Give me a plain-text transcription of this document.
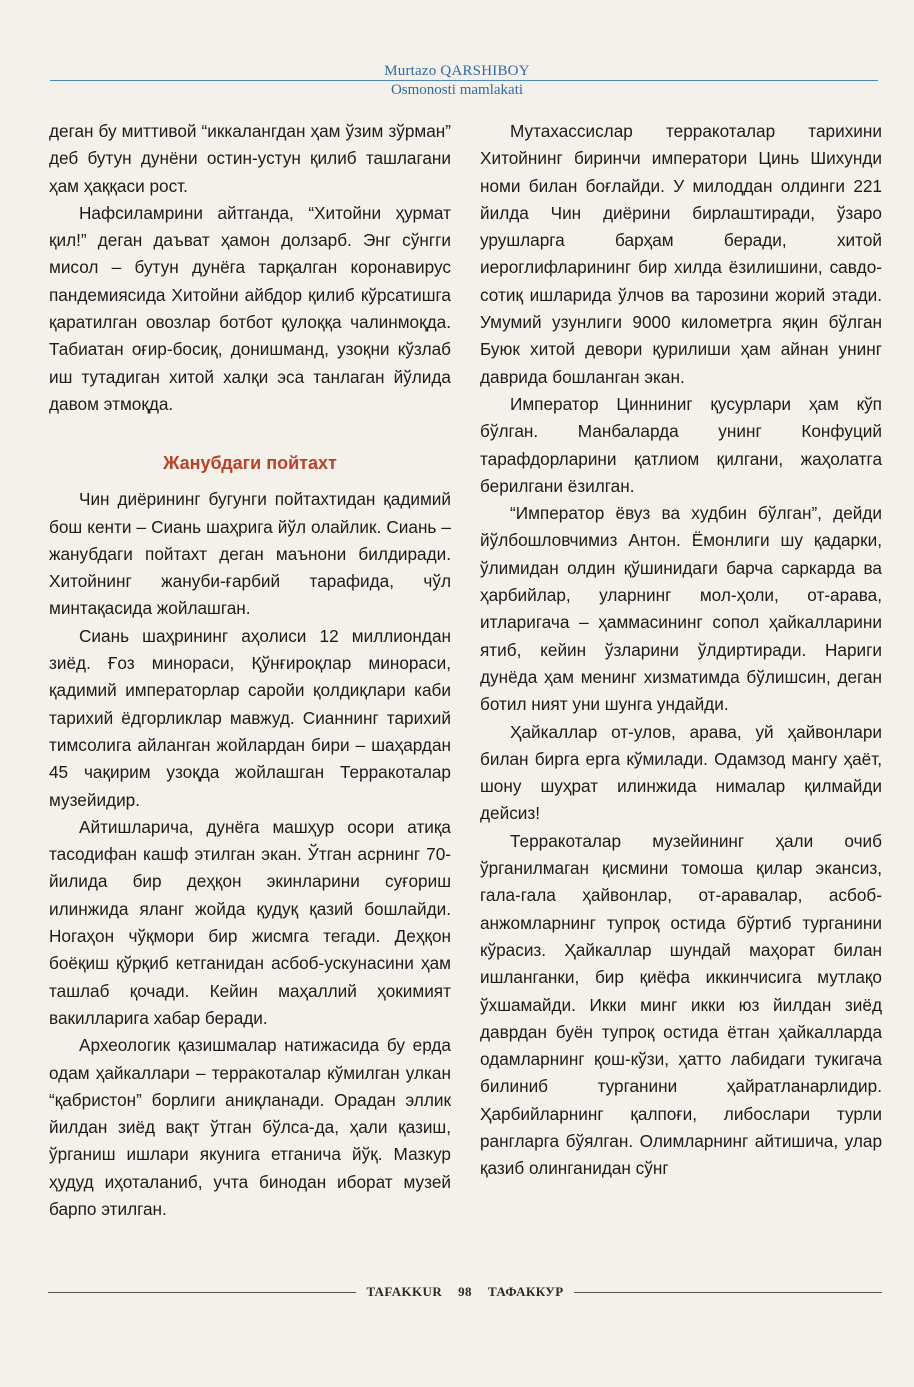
Murtazo QARSHIBOY
Osmonosti mamlakati

деган бу миттивой “иккалангдан ҳам ўзим зўрман” деб бутун дунёни остин-устун қилиб ташлагани ҳам ҳаққаси рост.

Нафсиламрини айтганда, “Хитойни ҳурмат қил!” деган даъват ҳамон долзарб. Энг сўнгги мисол – бутун дунёга тарқалган коронавирус пандемиясида Хитойни айбдор қилиб кўрсатишга қаратилган овозлар ботбот қулоққа чалинмоқда. Табиатан оғир-босиқ, донишманд, узоқни кўзлаб иш тутадиган хитой халқи эса танлаган йўлида давом этмоқда.

Жанубдаги пойтахт

Чин диёрининг бугунги пойтахтидан қадимий бош кенти – Сиань шаҳрига йўл олайлик. Сиань – жанубдаги пойтахт деган маънони билдиради. Хитойнинг жануби-ғарбий тарафида, чўл минтақасида жойлашган.

Сиань шаҳрининг аҳолиси 12 миллиондан зиёд. Ғоз минораси, Қўнғироқлар минораси, қадимий императорлар саройи қолдиқлари каби тарихий ёдгорликлар мавжуд. Сианнинг тарихий тимсолига айланган жойлардан бири – шаҳардан 45 чақирим узоқда жойлашган Терракоталар музейидир.

Айтишларича, дунёга машҳур осори атиқа тасодифан кашф этилган экан. Ўтган асрнинг 70-йилида бир деҳқон экинларини суғориш илинжида яланг жойда қудуқ қазий бошлайди. Ногаҳон чўқмори бир жисмга тегади. Деҳқон боёқиш қўрқиб кетганидан асбоб-ускунасини ҳам ташлаб қочади. Кейин маҳаллий ҳокимият вакилларига хабар беради.

Археологик қазишмалар натижасида бу ерда одам ҳайкаллари – терракоталар кўмилган улкан “қабристон” борлиги аниқланади. Орадан эллик йилдан зиёд вақт ўтган бўлса-да, ҳали қазиш, ўрганиш ишлари якунига етганича йўқ. Мазкур ҳудуд иҳоталаниб, учта бинодан иборат музей барпо этилган.

Мутахассислар терракоталар тарихини Хитойнинг биринчи императори Цинь Шихунди номи билан боғлайди. У милоддан олдинги 221 йилда Чин диёрини бирлаштиради, ўзаро урушларга барҳам беради, хитой иероглифларининг бир хилда ёзилишини, савдо-сотиқ ишларида ўлчов ва тарозини жорий этади. Умумий узунлиги 9000 километрга яқин бўлган Буюк хитой девори қурилиши ҳам айнан унинг даврида бошланган экан.

Император Цинниниг қусурлари ҳам кўп бўлган. Манбаларда унинг Конфуций тарафдорларини қатлиом қилгани, жаҳолатга берилгани ёзилган.

“Император ёвуз ва худбин бўлган”, дейди йўлбошловчимиз Антон. Ёмонлиги шу қадарки, ўлимидан олдин қўшинидаги барча саркарда ва ҳарбийлар, уларнинг мол-ҳоли, от-арава, итларигача – ҳаммасининг сопол ҳайкалларини ятиб, кейин ўзларини ўлдиртиради. Нариги дунёда ҳам менинг хизматимда бўлишсин, деган ботил ният уни шунга ундайди.

Ҳайкаллар от-улов, арава, уй ҳайвонлари билан бирга ерга кўмилади. Одамзод мангу ҳаёт, шону шуҳрат илинжида нималар қилмайди дейсиз!

Терракоталар музейининг ҳали очиб ўрганилмаган қисмини томоша қилар экансиз, гала-гала ҳайвонлар, от-аравалар, асбоб-анжомларнинг тупроқ остида бўртиб турганини кўрасиз. Ҳайкаллар шундай маҳорат билан ишланганки, бир қиёфа иккинчисига мутлақо ўхшамайди. Икки минг икки юз йилдан зиёд даврдан буён тупроқ остида ётган ҳайкалларда одамларнинг қош-кўзи, ҳатто лабидаги тукигача билиниб турганини ҳайратланарлидир. Ҳарбийларнинг қалпоғи, либослари турли рангларга бўялган. Олимларнинг айтишича, улар қазиб олинганидан сўнг

TAFAKKUR	98	ТАФАККУР
